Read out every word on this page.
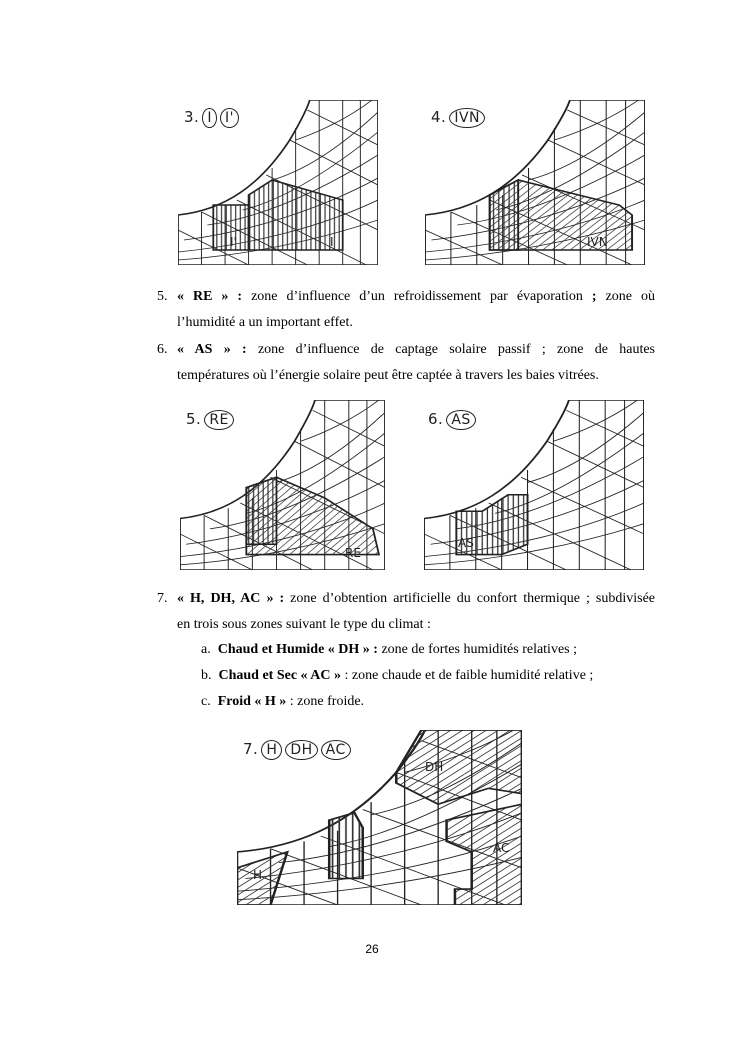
3. I I'
I'	I
4. IVN
IVN
5. « RE » : zone d’influence d’un refroidissement par évaporation ; zone où
l’humidité a un important effet.
6. « AS » : zone d’influence de captage solaire passif ; zone de hautes
températures où l’énergie solaire peut être captée à travers les baies vitrées.
5. RE
RE
6. AS
AS
7. « H, DH, AC » : zone d’obtention artificielle du confort thermique ; subdivisée
en trois sous zones suivant le type du climat :
a. Chaud et Humide « DH » : zone de fortes humidités relatives ;
b. Chaud et Sec « AC » : zone chaude et de faible humidité relative ;
c. Froid « H » : zone froide.
7. H DH AC
DH
AC
H
26
